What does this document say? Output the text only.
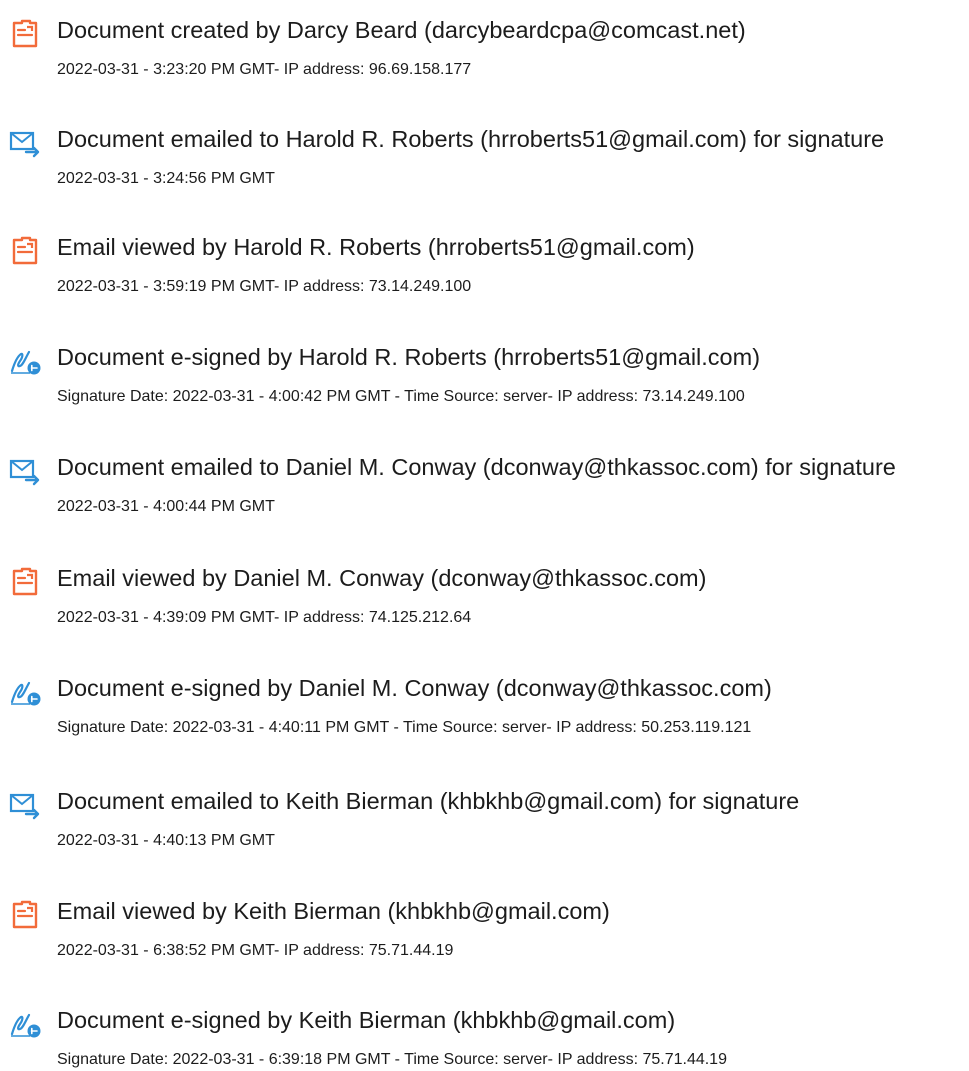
Document created by Darcy Beard (darcybeardcpa@comcast.net)
2022-03-31 - 3:23:20 PM GMT- IP address: 96.69.158.177
Document emailed to Harold R. Roberts (hrroberts51@gmail.com) for signature
2022-03-31 - 3:24:56 PM GMT
Email viewed by Harold R. Roberts (hrroberts51@gmail.com)
2022-03-31 - 3:59:19 PM GMT- IP address: 73.14.249.100
Document e-signed by Harold R. Roberts (hrroberts51@gmail.com)
Signature Date: 2022-03-31 - 4:00:42 PM GMT - Time Source: server- IP address: 73.14.249.100
Document emailed to Daniel M. Conway (dconway@thkassoc.com) for signature
2022-03-31 - 4:00:44 PM GMT
Email viewed by Daniel M. Conway (dconway@thkassoc.com)
2022-03-31 - 4:39:09 PM GMT- IP address: 74.125.212.64
Document e-signed by Daniel M. Conway (dconway@thkassoc.com)
Signature Date: 2022-03-31 - 4:40:11 PM GMT - Time Source: server- IP address: 50.253.119.121
Document emailed to Keith Bierman (khbkhb@gmail.com) for signature
2022-03-31 - 4:40:13 PM GMT
Email viewed by Keith Bierman (khbkhb@gmail.com)
2022-03-31 - 6:38:52 PM GMT- IP address: 75.71.44.19
Document e-signed by Keith Bierman (khbkhb@gmail.com)
Signature Date: 2022-03-31 - 6:39:18 PM GMT - Time Source: server- IP address: 75.71.44.19
